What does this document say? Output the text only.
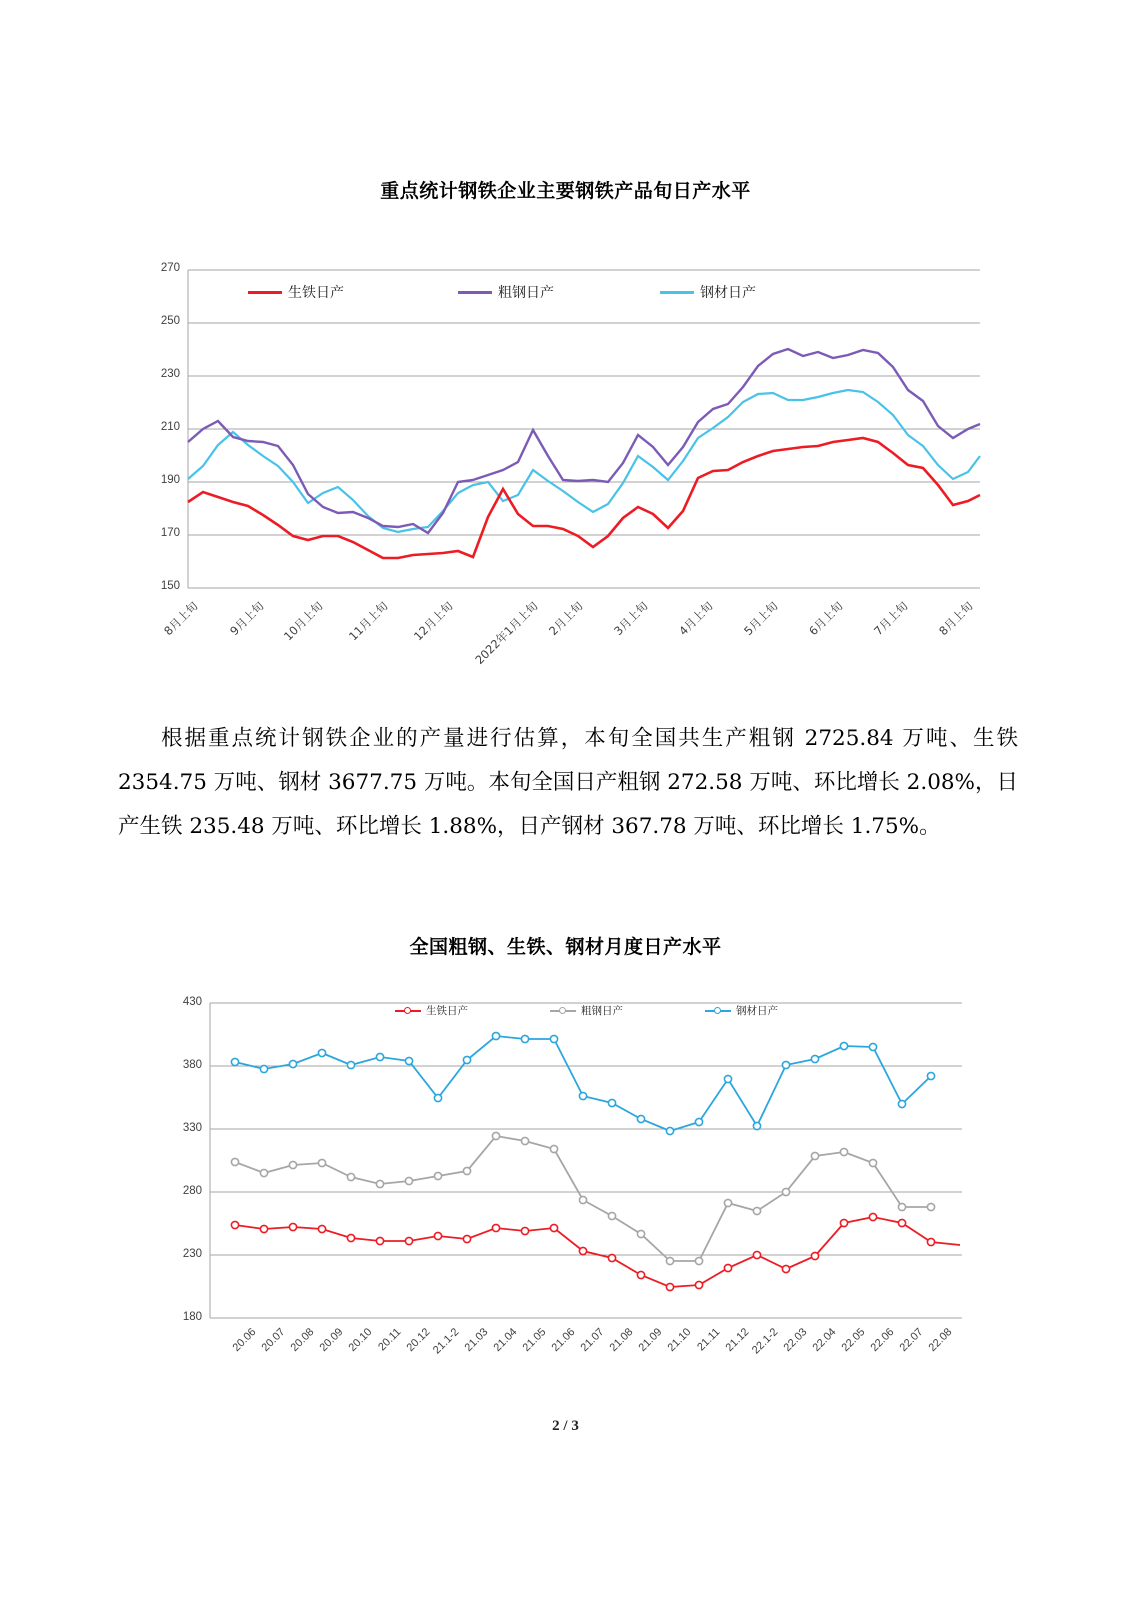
重点统计钢铁企业主要钢铁产品旬日产水平
270
250
230
210
190
170
150
生铁日产	粗钢日产	钢材日产
8月上旬	9月上旬	10月上旬	11月上旬	12月上旬	2022年1月上旬 2月上旬	3月上旬	4月上旬	5月上旬	6月上旬	7月上旬	8月上旬

根据重点统计钢铁企业的产量进行估算，本旬全国共生产粗钢 2725.84 万吨、生铁 2354.75 万吨、钢材 3677.75 万吨。本旬全国日产粗钢 272.58 万吨、环比增长 2.08%，日产生铁 235.48 万吨、环比增长 1.88%，日产钢材 367.78 万吨、环比增长 1.75%。

全国粗钢、生铁、钢材月度日产水平
430
380
330
280
230
180
生铁日产	粗钢日产	钢材日产
20.06 20.07 20.08 20.09 20.10 20.11 20.12
21.1-2 21.03 21.04 21.05 21.06 21.07 21.08 21.09 21.10 21.11 21.12
22.1-2 22.03 22.04 22.05 22.06 22.07 22.08
2 / 3
